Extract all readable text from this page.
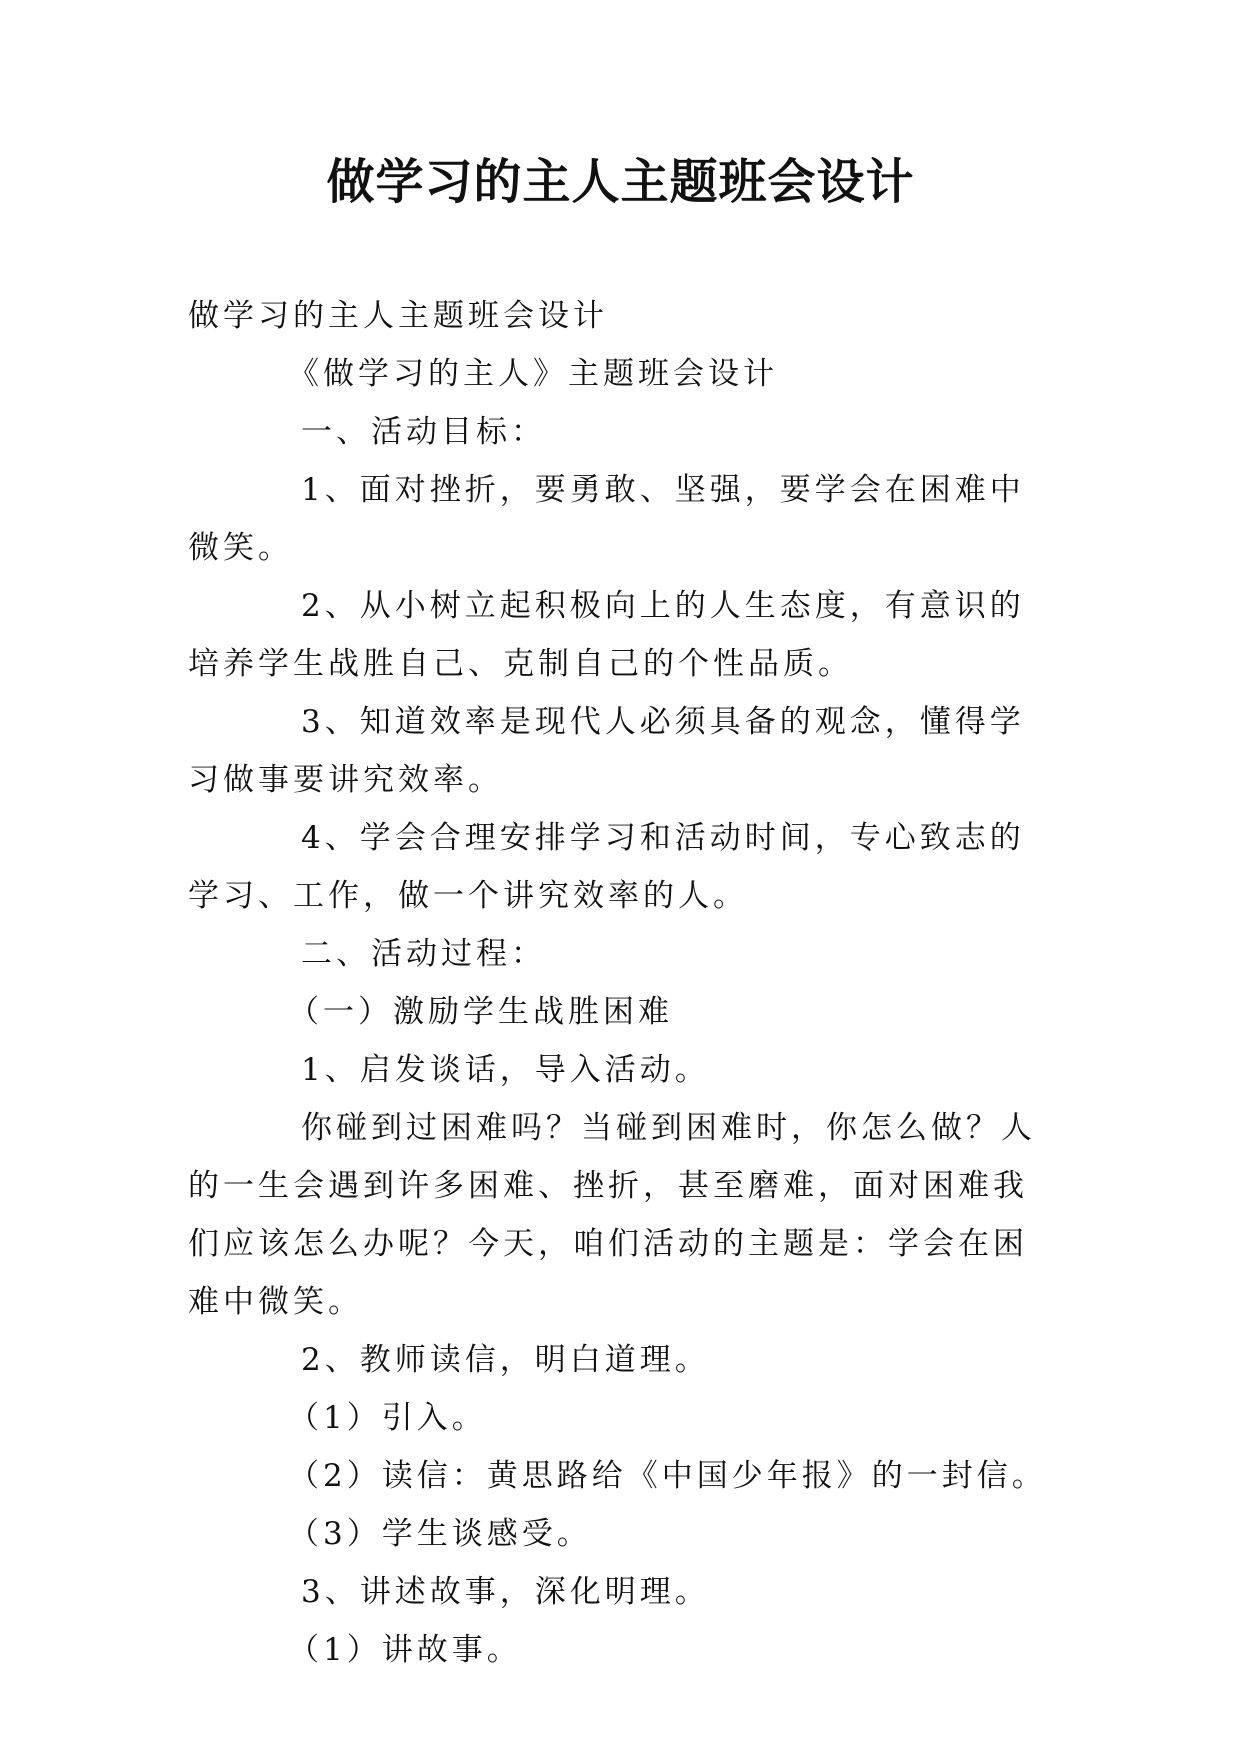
做学习的主人主题班会设计

做学习的主人主题班会设计

《做学习的主人》主题班会设计

一、活动目标：

1、面对挫折，要勇敢、坚强，要学会在困难中微笑。

2、从小树立起积极向上的人生态度，有意识的培养学生战胜自己、克制自己的个性品质。

3、知道效率是现代人必须具备的观念，懂得学习做事要讲究效率。

4、学会合理安排学习和活动时间，专心致志的学习、工作，做一个讲究效率的人。

二、活动过程：

（一）激励学生战胜困难

1、启发谈话，导入活动。

你碰到过困难吗？当碰到困难时，你怎么做？人的一生会遇到许多困难、挫折，甚至磨难，面对困难我们应该怎么办呢？今天，咱们活动的主题是：学会在困难中微笑。

2、教师读信，明白道理。

（1）引入。

（2）读信：黄思路给《中国少年报》的一封信。

（3）学生谈感受。

3、讲述故事，深化明理。

（1）讲故事。
